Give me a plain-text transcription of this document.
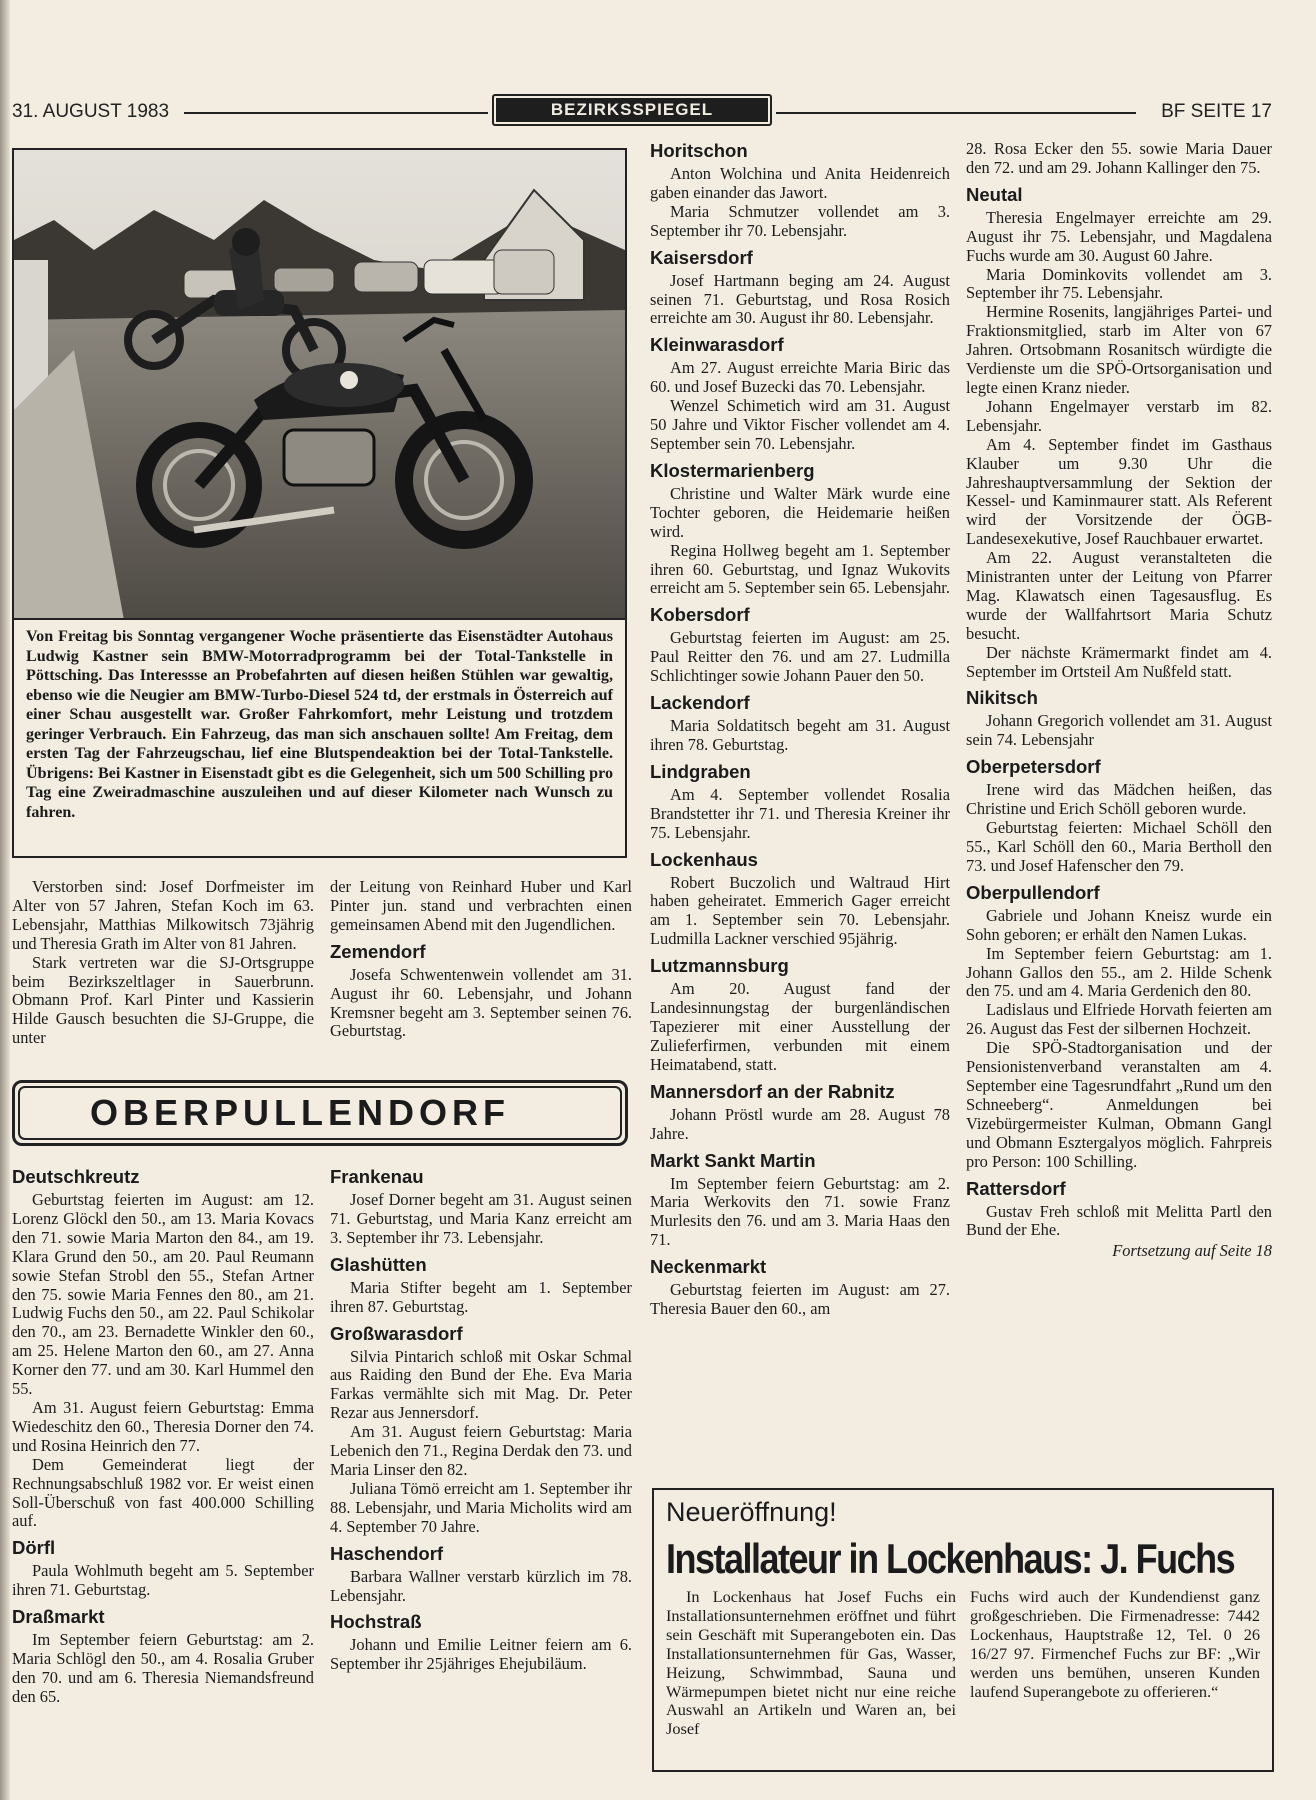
31. AUGUST 1983	BEZIRKSSPIEGEL	BF SEITE 17
Von Freitag bis Sonntag vergangener Woche präsentierte das Eisenstädter Autohaus Ludwig Kastner sein BMW-Motorradprogramm bei der Total-Tankstelle in Pöttsching. Das Interessse an Probefahrten auf diesen heißen Stühlen war gewaltig, ebenso wie die Neugier am BMW-Turbo-Diesel 524 td, der erstmals in Österreich auf einer Schau ausgestellt war. Großer Fahrkomfort, mehr Leistung und trotzdem geringer Verbrauch. Ein Fahrzeug, das man sich anschauen sollte! Am Freitag, dem ersten Tag der Fahrzeugschau, lief eine Blutspendeaktion bei der Total-Tankstelle. Übrigens: Bei Kastner in Eisenstadt gibt es die Gelegenheit, sich um 500 Schilling pro Tag eine Zweiradmaschine auszuleihen und auf dieser Kilometer nach Wunsch zu fahren.

Verstorben sind: Josef Dorfmeister im Alter von 57 Jahren, Stefan Koch im 63. Lebensjahr, Matthias Milkowitsch 73jährig und Theresia Grath im Alter von 81 Jahren.

Stark vertreten war die SJ-Ortsgruppe beim Bezirkszeltlager in Sauerbrunn. Obmann Prof. Karl Pinter und Kassierin Hilde Gausch besuchten die SJ-Gruppe, die unter

der Leitung von Reinhard Huber und Karl Pinter jun. stand und verbrachten einen gemeinsamen Abend mit den Jugendlichen.

Zemendorf

Josefa Schwentenwein vollendet am 31. August ihr 60. Lebensjahr, und Johann Kremsner begeht am 3. September seinen 76. Geburtstag.

OBERPULLENDORF
Deutschkreutz

Geburtstag feierten im August: am 12. Lorenz Glöckl den 50., am 13. Maria Kovacs den 71. sowie Maria Marton den 84., am 19. Klara Grund den 50., am 20. Paul Reumann sowie Stefan Strobl den 55., Stefan Artner den 75. sowie Maria Fennes den 80., am 21. Ludwig Fuchs den 50., am 22. Paul Schikolar den 70., am 23. Bernadette Winkler den 60., am 25. Helene Marton den 60., am 27. Anna Korner den 77. und am 30. Karl Hummel den 55.

Am 31. August feiern Geburtstag: Emma Wiedeschitz den 60., Theresia Dorner den 74. und Rosina Heinrich den 77.

Dem Gemeinderat liegt der Rechnungsabschluß 1982 vor. Er weist einen Soll-Überschuß von fast 400.000 Schilling auf.

Dörfl

Paula Wohlmuth begeht am 5. September ihren 71. Geburtstag.

Draßmarkt

Im September feiern Geburtstag: am 2. Maria Schlögl den 50., am 4. Rosalia Gruber den 70. und am 6. Theresia Niemandsfreund den 65.

Frankenau

Josef Dorner begeht am 31. August seinen 71. Geburtstag, und Maria Kanz erreicht am 3. September ihr 73. Lebensjahr.

Glashütten

Maria Stifter begeht am 1. September ihren 87. Geburtstag.

Großwarasdorf

Silvia Pintarich schloß mit Oskar Schmal aus Raiding den Bund der Ehe. Eva Maria Farkas vermählte sich mit Mag. Dr. Peter Rezar aus Jennersdorf.

Am 31. August feiern Geburtstag: Maria Lebenich den 71., Regina Derdak den 73. und Maria Linser den 82.

Juliana Tömö erreicht am 1. September ihr 88. Lebensjahr, und Maria Micholits wird am 4. September 70 Jahre.

Haschendorf

Barbara Wallner verstarb kürzlich im 78. Lebensjahr.

Hochstraß

Johann und Emilie Leitner feiern am 6. September ihr 25jähriges Ehejubiläum.

Horitschon

Anton Wolchina und Anita Heidenreich gaben einander das Jawort.

Maria Schmutzer vollendet am 3. September ihr 70. Lebensjahr.

Kaisersdorf

Josef Hartmann beging am 24. August seinen 71. Geburtstag, und Rosa Rosich erreichte am 30. August ihr 80. Lebensjahr.

Kleinwarasdorf

Am 27. August erreichte Maria Biric das 60. und Josef Buzecki das 70. Lebensjahr.

Wenzel Schimetich wird am 31. August 50 Jahre und Viktor Fischer vollendet am 4. September sein 70. Lebensjahr.

Klostermarienberg

Christine und Walter Märk wurde eine Tochter geboren, die Heidemarie heißen wird.

Regina Hollweg begeht am 1. September ihren 60. Geburtstag, und Ignaz Wukovits erreicht am 5. September sein 65. Lebensjahr.

Kobersdorf

Geburtstag feierten im August: am 25. Paul Reitter den 76. und am 27. Ludmilla Schlichtinger sowie Johann Pauer den 50.

Lackendorf

Maria Soldatitsch begeht am 31. August ihren 78. Geburtstag.

Lindgraben

Am 4. September vollendet Rosalia Brandstetter ihr 71. und Theresia Kreiner ihr 75. Lebensjahr.

Lockenhaus

Robert Buczolich und Waltraud Hirt haben geheiratet. Emmerich Gager erreicht am 1. September sein 70. Lebensjahr. Ludmilla Lackner verschied 95jährig.

Lutzmannsburg

Am 20. August fand der Landesinnungstag der burgenländischen Tapezierer mit einer Ausstellung der Zulieferfirmen, verbunden mit einem Heimatabend, statt.

Mannersdorf an der Rabnitz

Johann Pröstl wurde am 28. August 78 Jahre.

Markt Sankt Martin

Im September feiern Geburtstag: am 2. Maria Werkovits den 71. sowie Franz Murlesits den 76. und am 3. Maria Haas den 71.

Neckenmarkt

Geburtstag feierten im August: am 27. Theresia Bauer den 60., am

28. Rosa Ecker den 55. sowie Maria Dauer den 72. und am 29. Johann Kallinger den 75.

Neutal

Theresia Engelmayer erreichte am 29. August ihr 75. Lebensjahr, und Magdalena Fuchs wurde am 30. August 60 Jahre.

Maria Dominkovits vollendet am 3. September ihr 75. Lebensjahr.

Hermine Rosenits, langjähriges Partei- und Fraktionsmitglied, starb im Alter von 67 Jahren. Ortsobmann Rosanitsch würdigte die Verdienste um die SPÖ-Ortsorganisation und legte einen Kranz nieder.

Johann Engelmayer verstarb im 82. Lebensjahr.

Am 4. September findet im Gasthaus Klauber um 9.30 Uhr die Jahreshauptversammlung der Sektion der Kessel- und Kaminmaurer statt. Als Referent wird der Vorsitzende der ÖGB-Landesexekutive, Josef Rauchbauer erwartet.

Am 22. August veranstalteten die Ministranten unter der Leitung von Pfarrer Mag. Klawatsch einen Tagesausflug. Es wurde der Wallfahrtsort Maria Schutz besucht.

Der nächste Krämermarkt findet am 4. September im Ortsteil Am Nußfeld statt.

Nikitsch

Johann Gregorich vollendet am 31. August sein 74. Lebensjahr

Oberpetersdorf

Irene wird das Mädchen heißen, das Christine und Erich Schöll geboren wurde.

Geburtstag feierten: Michael Schöll den 55., Karl Schöll den 60., Maria Bertholl den 73. und Josef Hafenscher den 79.

Oberpullendorf

Gabriele und Johann Kneisz wurde ein Sohn geboren; er erhält den Namen Lukas.

Im September feiern Geburtstag: am 1. Johann Gallos den 55., am 2. Hilde Schenk den 75. und am 4. Maria Gerdenich den 80.

Ladislaus und Elfriede Horvath feierten am 26. August das Fest der silbernen Hochzeit.

Die SPÖ-Stadtorganisation und der Pensionistenverband veranstalten am 4. September eine Tagesrundfahrt „Rund um den Schneeberg“. Anmeldungen bei Vizebürgermeister Kulman, Obmann Gangl und Obmann Esztergalyos möglich. Fahrpreis pro Person: 100 Schilling.

Rattersdorf

Gustav Freh schloß mit Melitta Partl den Bund der Ehe.

Fortsetzung auf Seite 18
Neueröffnung!
Installateur in Lockenhaus: J. Fuchs

In Lockenhaus hat Josef Fuchs ein Installationsunternehmen eröffnet und führt sein Geschäft mit Superangeboten ein. Das Installationsunternehmen für Gas, Wasser, Heizung, Schwimmbad, Sauna und Wärmepumpen bietet nicht nur eine reiche Auswahl an Artikeln und Waren an, bei Josef

Fuchs wird auch der Kundendienst ganz großgeschrieben. Die Firmenadresse: 7442 Lockenhaus, Hauptstraße 12, Tel. 0 26 16/27 97. Firmenchef Fuchs zur BF: „Wir werden uns bemühen, unseren Kunden laufend Superangebote zu offerieren.“
